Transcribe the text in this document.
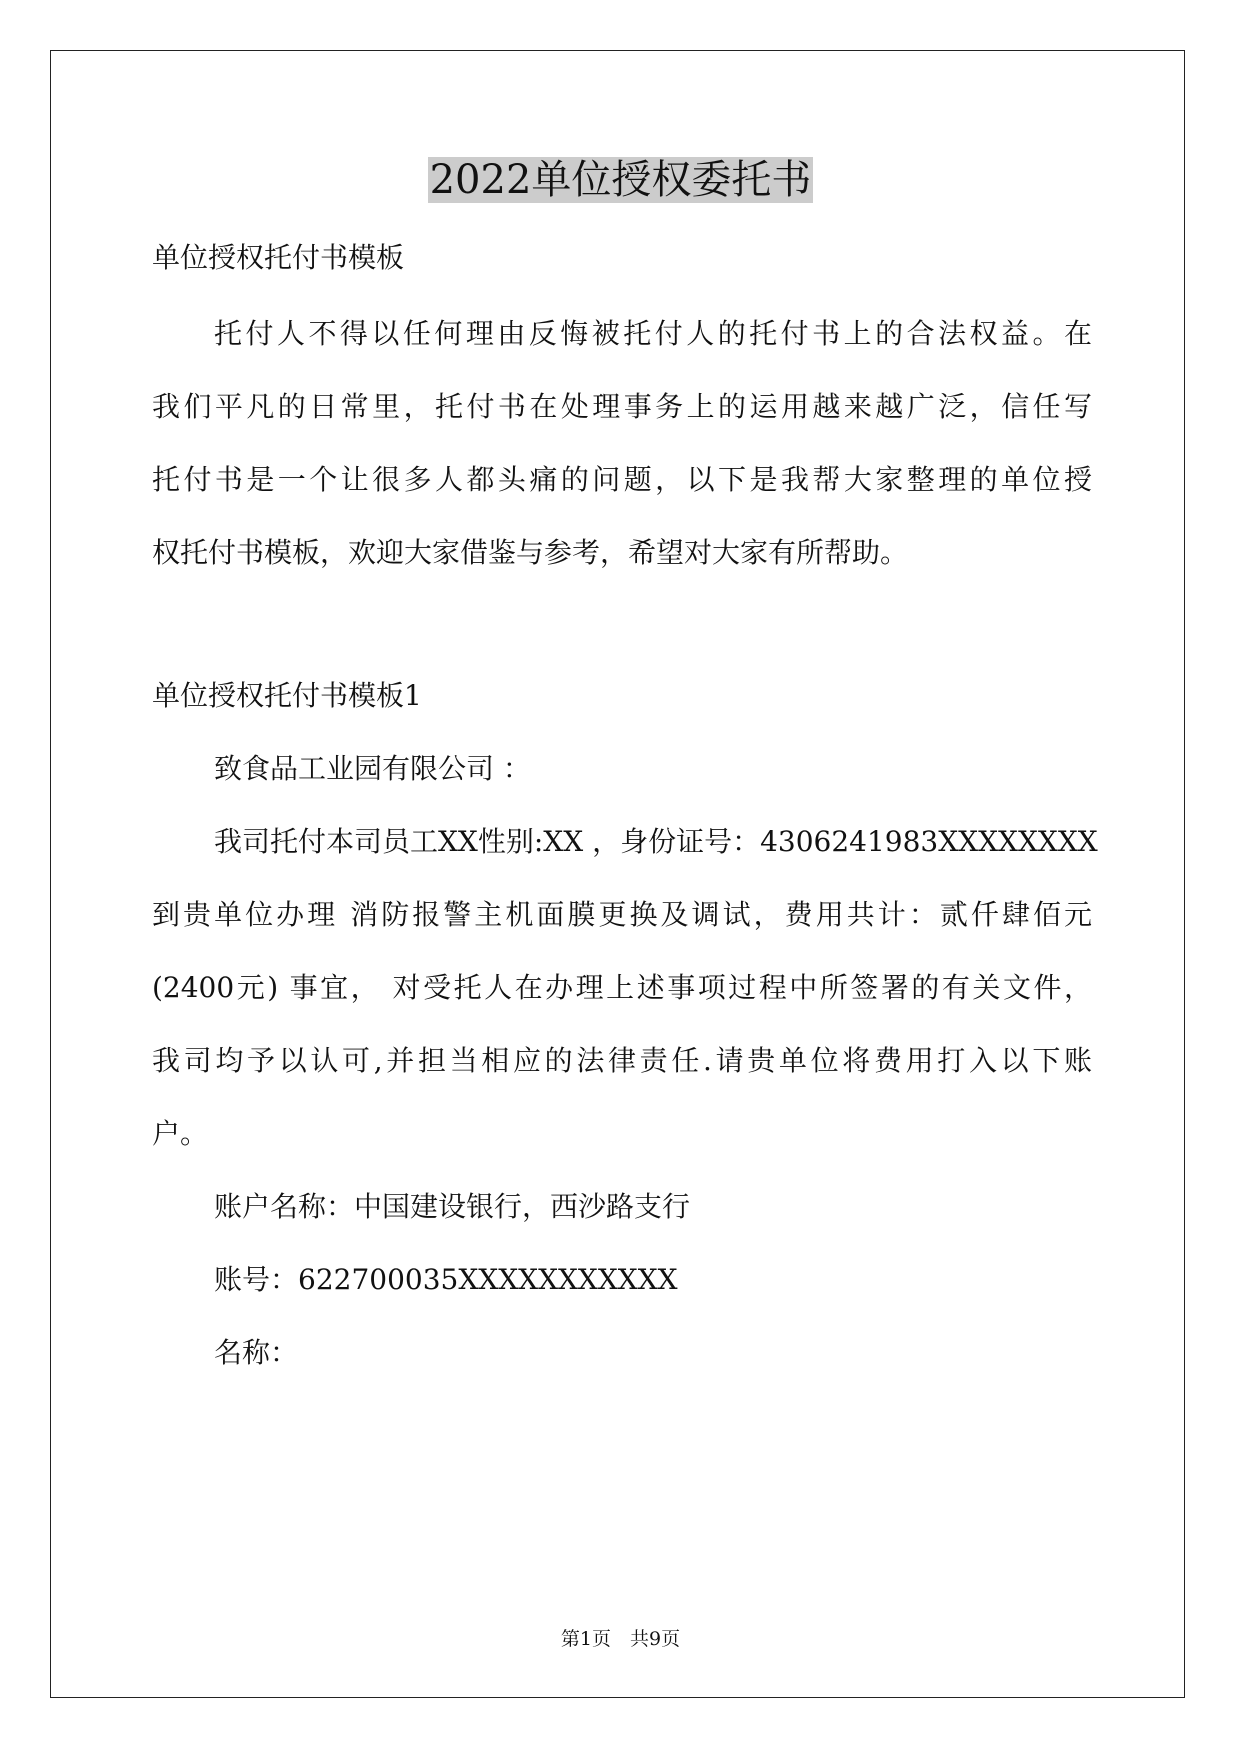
2022单位授权委托书
单位授权托付书模板
托付人不得以任何理由反悔被托付人的托付书上的合法权益。在
我们平凡的日常里，托付书在处理事务上的运用越来越广泛，信任写
托付书是一个让很多人都头痛的问题，以下是我帮大家整理的单位授
权托付书模板，欢迎大家借鉴与参考，希望对大家有所帮助。
单位授权托付书模板1
致食品工业园有限公司 ：
我司托付本司员工XX性别:XX ，身份证号：4306241983XXXXXXXX
到贵单位办理 消防报警主机面膜更换及调试，费用共计：贰仟肆佰元
(2400元) 事宜， 对受托人在办理上述事项过程中所签署的有关文件，
我司均予以认可,并担当相应的法律责任.请贵单位将费用打入以下账
户。
账户名称：中国建设银行，西沙路支行
账号：622700035XXXXXXXXXXX
名称：
第1页　共9页
